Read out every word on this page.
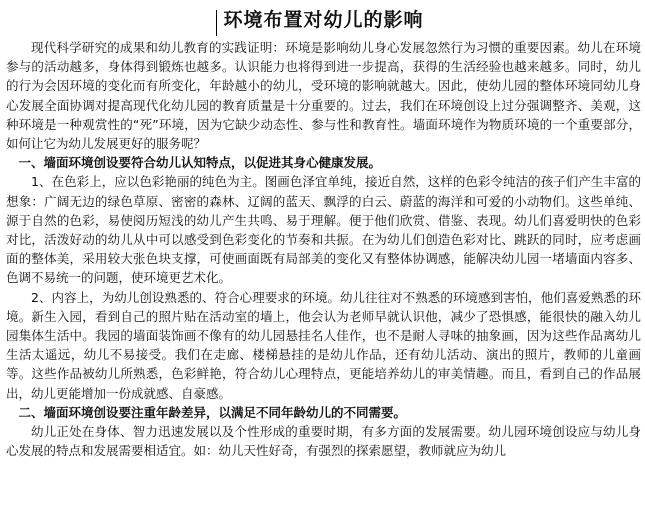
环境布置对幼儿的影响

现代科学研究的成果和幼儿教育的实践证明：环境是影响幼儿身心发展忽然行为习惯的重要因素。幼儿在环境参与的活动越多，身体得到锻炼也越多。认识能力也将得到进一步提高，获得的生活经验也越来越多。同时，幼儿的行为会因环境的变化而有所变化，年龄越小的幼儿，受环境的影响就越大。因此，使幼儿园的整体环境同幼儿身心发展全面协调对提高现代化幼儿园的教育质量是十分重要的。过去，我们在环境创设上过分强调整齐、美观，这种环境是一种观赏性的“死”环境，因为它缺少动态性、参与性和教育性。墙面环境作为物质环境的一个重要部分，如何让它为幼儿发展更好的服务呢？

一、墙面环境创设要符合幼儿认知特点，以促进其身心健康发展。

1、在色彩上，应以色彩艳丽的纯色为主。图画色泽宜单纯，接近自然，这样的色彩令纯洁的孩子们产生丰富的想象：广阔无边的绿色草原、密密的森林、辽阔的蓝天、飘浮的白云、蔚蓝的海洋和可爱的小动物们。这些单纯、源于自然的色彩，易使阅历短浅的幼儿产生共鸣、易于理解。便于他们欣赏、借鉴、表现。幼儿们喜爱明快的色彩对比，活泼好动的幼儿从中可以感受到色彩变化的节奏和共振。在为幼儿们创造色彩对比、跳跃的同时，应考虑画面的整体美，采用较大张色块支撑，可使画面既有局部美的变化又有整体协调感，能解决幼儿园一堵墙面内容多、色调不易统一的问题，使环境更艺术化。

2、内容上，为幼儿创设熟悉的、符合心理要求的环境。幼儿往往对不熟悉的环境感到害怕，他们喜爱熟悉的环境。新生入园，看到自己的照片贴在活动室的墙上，他会认为老师早就认识他，减少了恐惧感，能很快的融入幼儿园集体生活中。我园的墙面装饰画不像有的幼儿园悬挂名人佳作，也不是耐人寻味的抽象画，因为这些作品离幼儿生活太遥远，幼儿不易接受。我们在走廊、楼梯悬挂的是幼儿作品，还有幼儿活动、演出的照片，教师的儿童画等。这些作品被幼儿所熟悉，色彩鲜艳，符合幼儿心理特点，更能培养幼儿的审美情趣。而且，看到自己的作品展出，幼儿更能增加一份成就感、自豪感。

二、墙面环境创设要注重年龄差异，以满足不同年龄幼儿的不同需要。

幼儿正处在身体、智力迅速发展以及个性形成的重要时期，有多方面的发展需要。幼儿园环境创设应与幼儿身心发展的特点和发展需要相适宜。如：幼儿天性好奇，有强烈的探索愿望，教师就应为幼儿
